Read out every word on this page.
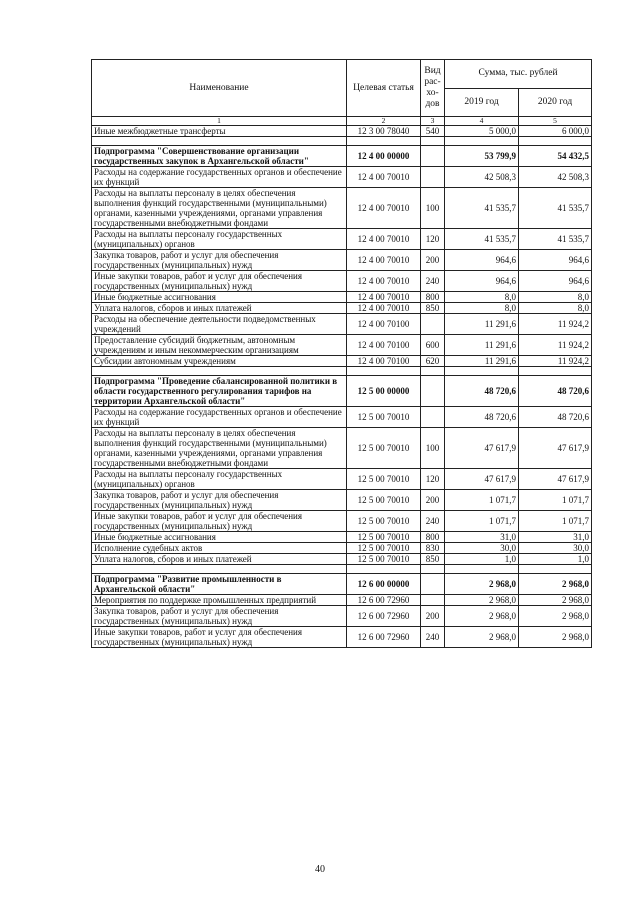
Наименование	Целевая статья	Вид рас- хо- дов	Сумма, тыс. рублей	
			2019 год	2020 год
1	2	3	4	5
Иные межбюджетные трансферты	12 3 00 78040	540	5 000,0	6 000,0

Подпрограмма "Совершенствование организации государственных закупок в Архангельской области"	12 4 00 00000		53 799,9	54 432,5
Расходы на содержание государственных органов и обеспечение их функций	12 4 00 70010		42 508,3	42 508,3
Расходы на выплаты персоналу в целях обеспечения выполнения функций государственными (муниципальными) органами, казенными учреждениями, органами управления государственными внебюджетными фондами	12 4 00 70010	100	41 535,7	41 535,7
Расходы на выплаты персоналу государственных (муниципальных) органов	12 4 00 70010	120	41 535,7	41 535,7
Закупка товаров, работ и услуг для обеспечения государственных (муниципальных) нужд	12 4 00 70010	200	964,6	964,6
Иные закупки товаров, работ и услуг для обеспечения государственных (муниципальных) нужд	12 4 00 70010	240	964,6	964,6
Иные бюджетные ассигнования	12 4 00 70010	800	8,0	8,0
Уплата налогов, сборов и иных платежей	12 4 00 70010	850	8,0	8,0
Расходы на обеспечение деятельности подведомственных учреждений	12 4 00 70100		11 291,6	11 924,2
Предоставление субсидий бюджетным, автономным учреждениям и иным некоммерческим организациям	12 4 00 70100	600	11 291,6	11 924,2
Субсидии автономным учреждениям	12 4 00 70100	620	11 291,6	11 924,2

Подпрограмма "Проведение сбалансированной политики в области государственного регулирования тарифов на территории Архангельской области"	12 5 00 00000		48 720,6	48 720,6
Расходы на содержание государственных органов и обеспечение их функций	12 5 00 70010		48 720,6	48 720,6
Расходы на выплаты персоналу в целях обеспечения выполнения функций государственными (муниципальными) органами, казенными учреждениями, органами управления государственными внебюджетными фондами	12 5 00 70010	100	47 617,9	47 617,9
Расходы на выплаты персоналу государственных (муниципальных) органов	12 5 00 70010	120	47 617,9	47 617,9
Закупка товаров, работ и услуг для обеспечения государственных (муниципальных) нужд	12 5 00 70010	200	1 071,7	1 071,7
Иные закупки товаров, работ и услуг для обеспечения государственных (муниципальных) нужд	12 5 00 70010	240	1 071,7	1 071,7
Иные бюджетные ассигнования	12 5 00 70010	800	31,0	31,0
Исполнение судебных актов	12 5 00 70010	830	30,0	30,0
Уплата налогов, сборов и иных платежей	12 5 00 70010	850	1,0	1,0

Подпрограмма "Развитие промышленности в Архангельской области"	12 6 00 00000		2 968,0	2 968,0
Мероприятия по поддержке промышленных предприятий	12 6 00 72960		2 968,0	2 968,0
Закупка товаров, работ и услуг для обеспечения государственных (муниципальных) нужд	12 6 00 72960	200	2 968,0	2 968,0
Иные закупки товаров, работ и услуг для обеспечения государственных (муниципальных) нужд	12 6 00 72960	240	2 968,0	2 968,0
40
